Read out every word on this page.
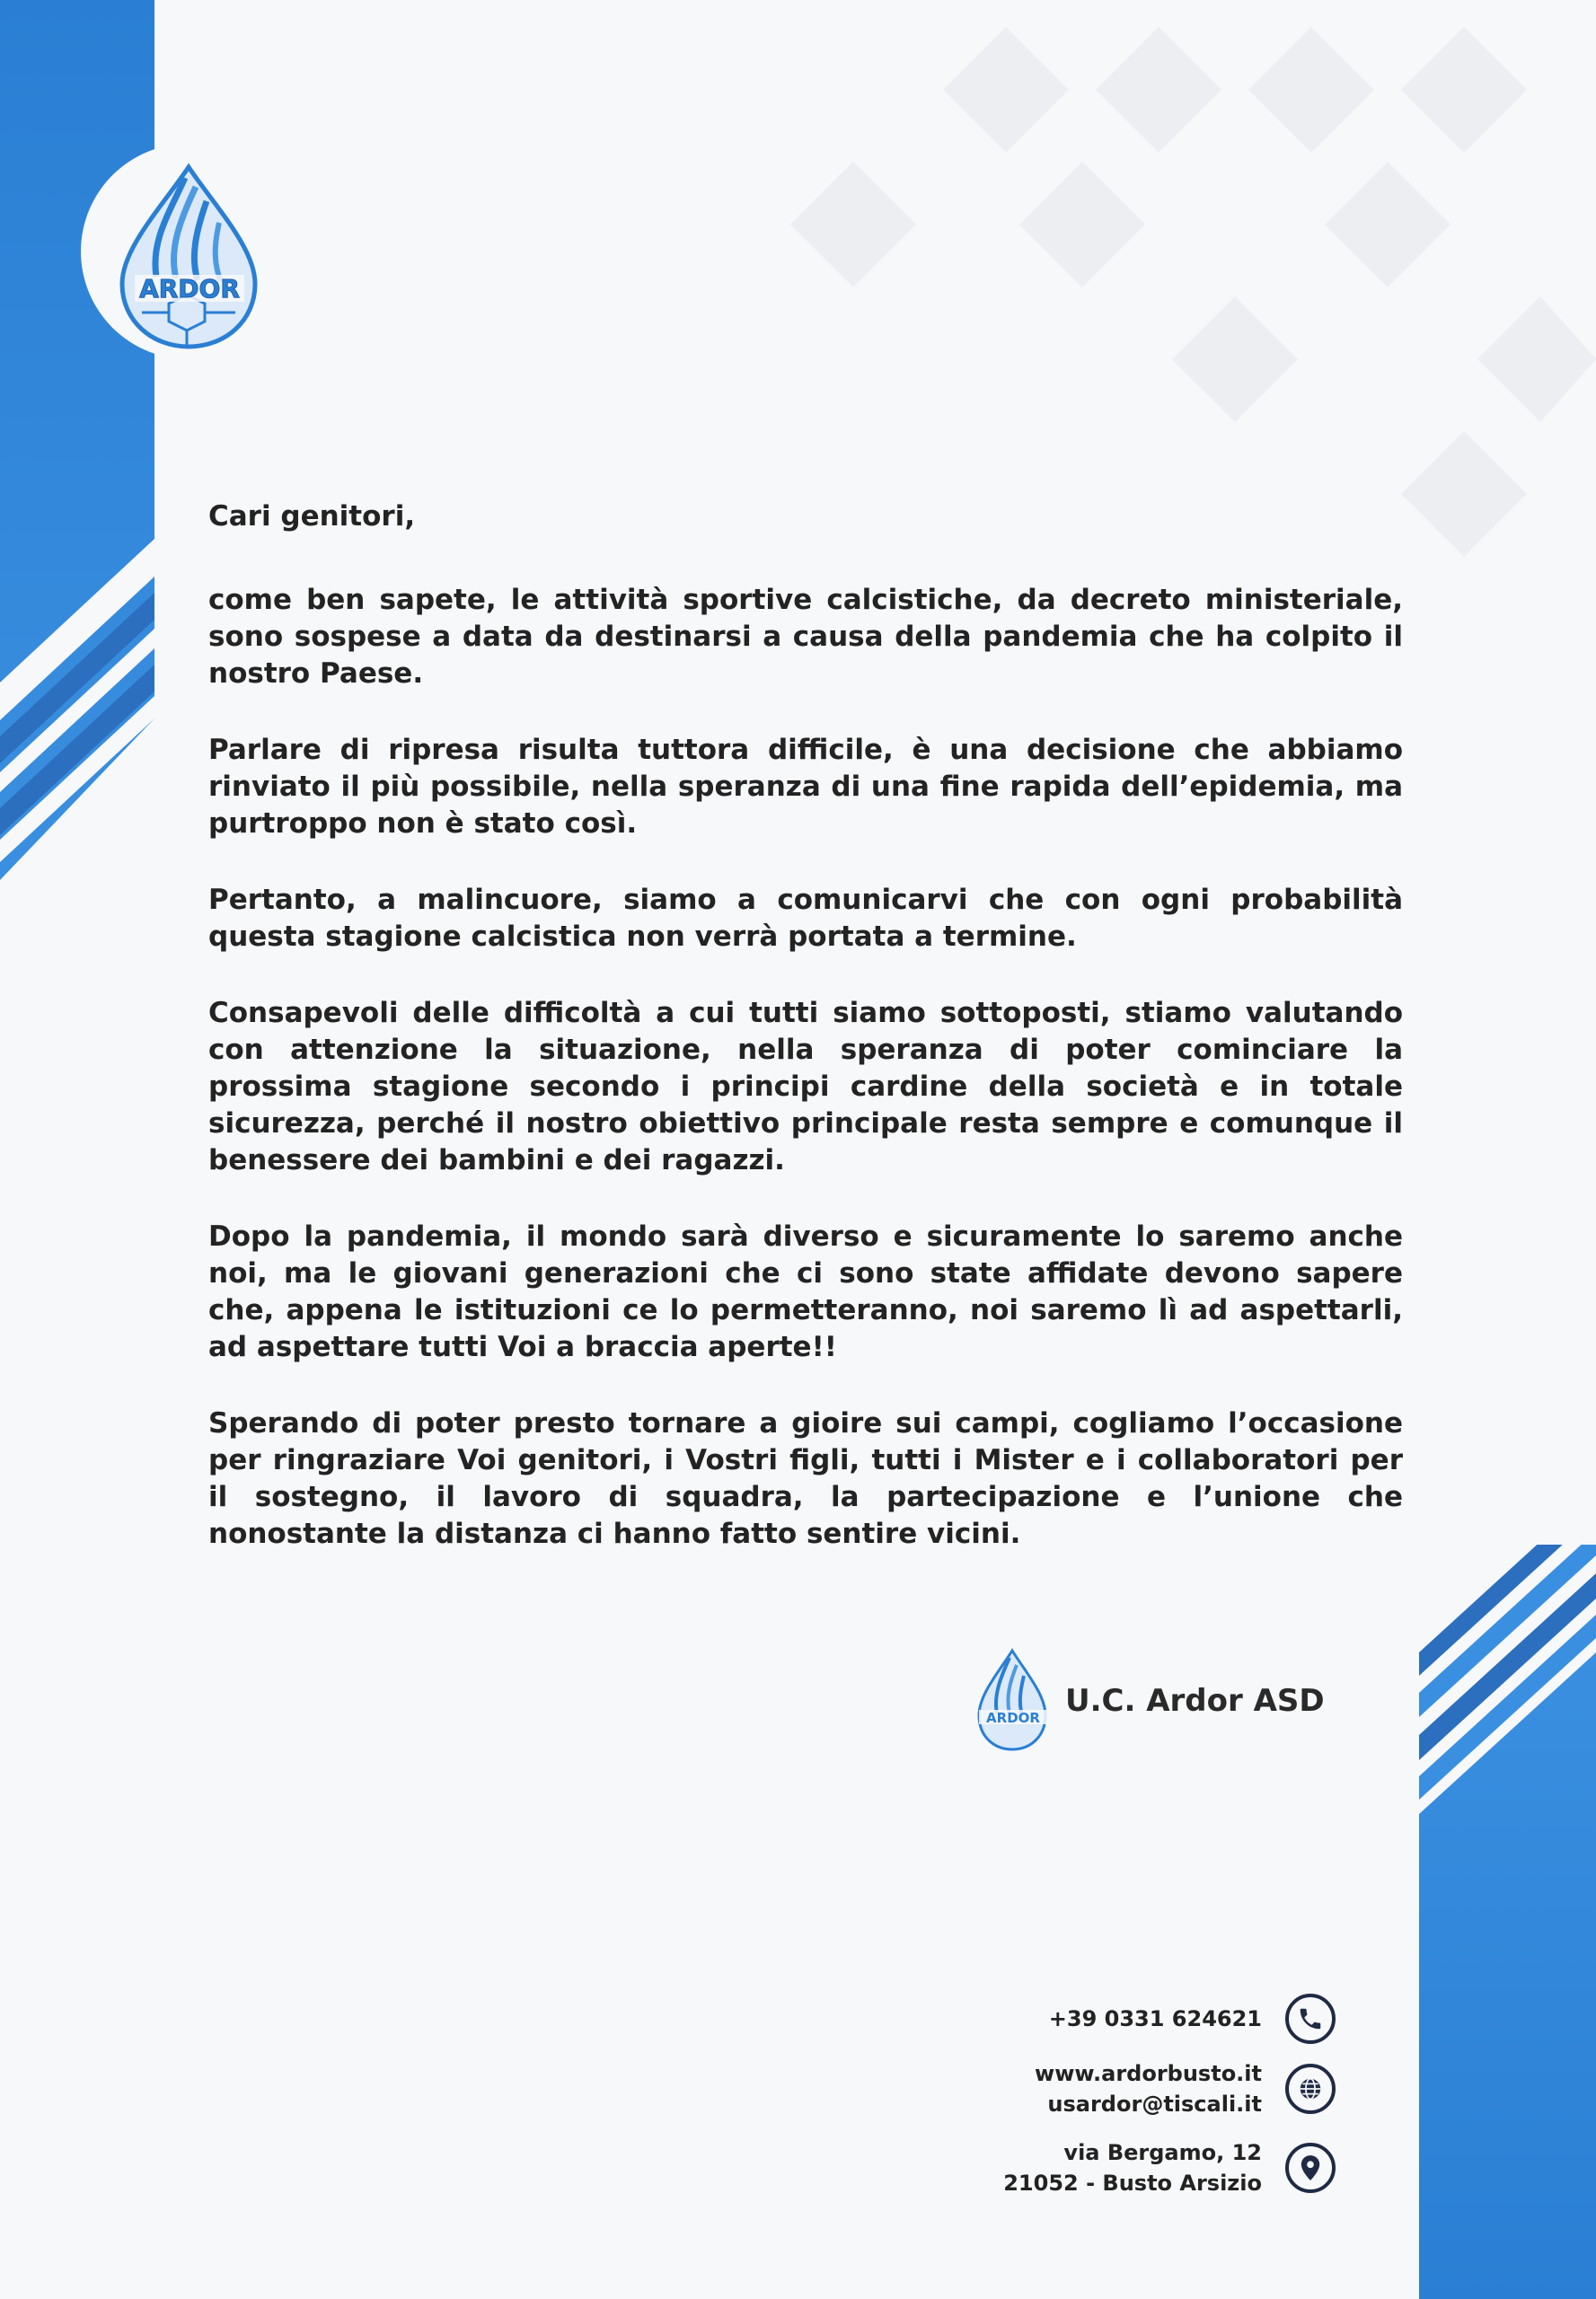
ARDOR

Cari genitori,

come ben sapete, le attività sportive calcistiche, da decreto ministeriale, sono sospese a data da destinarsi a causa della pandemia che ha colpito il nostro Paese.

Parlare di ripresa risulta tuttora difficile, è una decisione che abbiamo rinviato il più possibile, nella speranza di una fine rapida dell’epidemia, ma purtroppo non è stato così.

Pertanto, a malincuore, siamo a comunicarvi che con ogni probabilità questa stagione calcistica non verrà portata a termine.

Consapevoli delle difficoltà a cui tutti siamo sottoposti, stiamo valutando con attenzione la situazione, nella speranza di poter cominciare la prossima stagione secondo i principi cardine della società e in totale sicurezza, perché il nostro obiettivo principale resta sempre e comunque il benessere dei bambini e dei ragazzi.

Dopo la pandemia, il mondo sarà diverso e sicuramente lo saremo anche noi, ma le giovani generazioni che ci sono state affidate devono sapere che, appena le istituzioni ce lo permetteranno, noi saremo lì ad aspettarli, ad aspettare tutti Voi a braccia aperte!!

Sperando di poter presto tornare a gioire sui campi, cogliamo l’occasione per ringraziare Voi genitori, i Vostri figli, tutti i Mister e i collaboratori per il sostegno, il lavoro di squadra, la partecipazione e l’unione che nonostante la distanza ci hanno fatto sentire vicini.

ARDOR U.C. Ardor ASD
+39 0331 624621
www.ardorbusto.it
usardor@tiscali.it
via Bergamo, 12
21052 - Busto Arsizio
